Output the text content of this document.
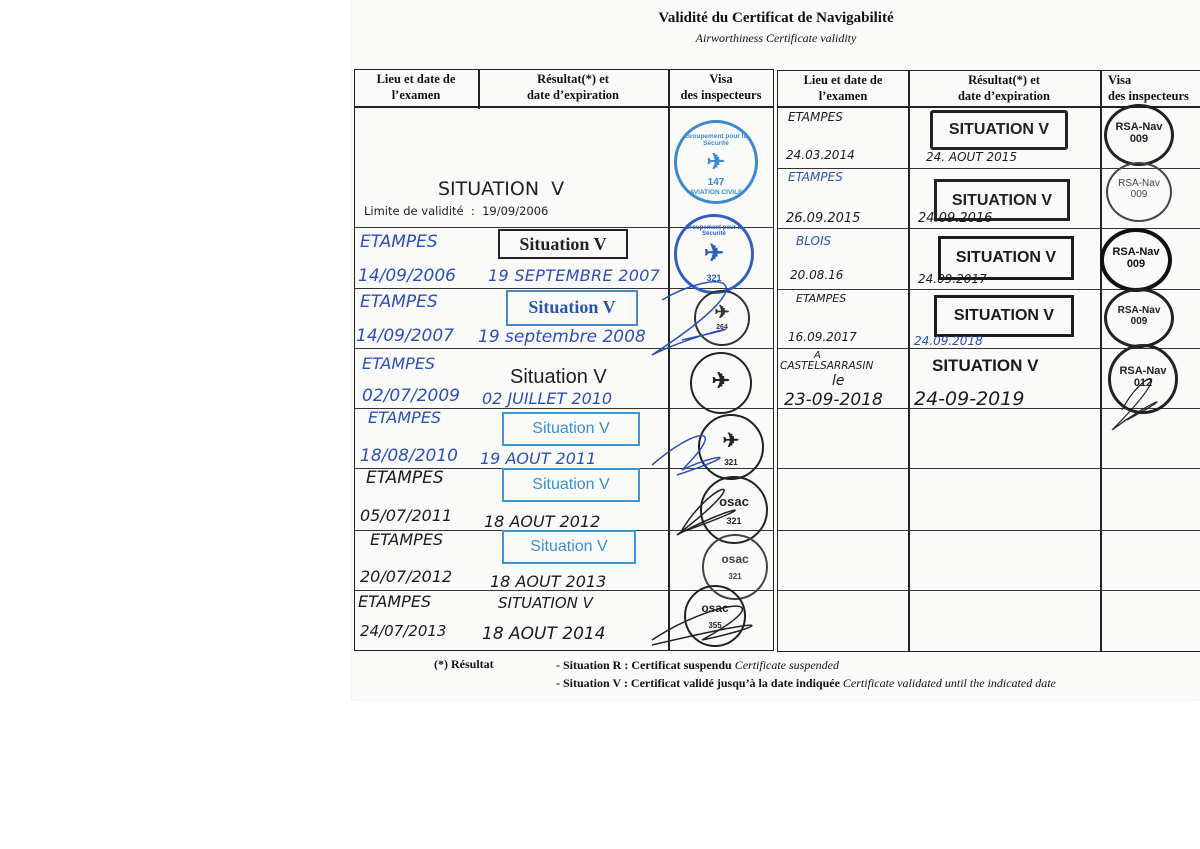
Validité du Certificat de Navigabilité
Airworthiness Certificate validity
Lieu et date de
l’examen
Résultat(*) et
date d’expiration
Visa
des inspecteurs
Lieu et date de
l’examen
Résultat(*) et
date d’expiration
Visa
des inspecteurs
SITUATION  V
Limite de validité  :  19/09/2006
ETAMPES
14/09/2006
Situation V
19 SEPTEMBRE 2007
ETAMPES
14/09/2007
Situation V
19 septembre 2008
ETAMPES
02/07/2009
Situation V
02 JUILLET 2010
ETAMPES
18/08/2010
Situation V
19 AOUT 2011
ETAMPES
05/07/2011
Situation V
18 AOUT 2012
ETAMPES
20/07/2012
Situation V
18 AOUT 2013
ETAMPES
24/07/2013
SITUATION V
18 AOUT 2014
Groupement pour la Sécurité
✈
147
AVIATION CIVILE
Groupement pour la Sécurité
✈
321
✈
264
✈
✈
321
osac
321
osac
321
osac
355
ETAMPES
24.03.2014
SITUATION V
24. AOUT 2015
RSA-Nav 009
ETAMPES
26.09.2015
SITUATION V
24.09.2016
RSA-Nav 009
BLOIS
20.08.16
SITUATION V
24.09.2017
RSA-Nav 009
ETAMPES
16.09.2017
SITUATION V
24.09.2018
RSA-Nav 009
A
CASTELSARRASIN
le
23-09-2018
SITUATION V
24-09-2019
RSA-Nav 012
(*) Résultat	- Situation R : Certificat suspendu Certificate suspended
- Situation V : Certificat validé jusqu’à la date indiquée Certificate validated until the indicated date
